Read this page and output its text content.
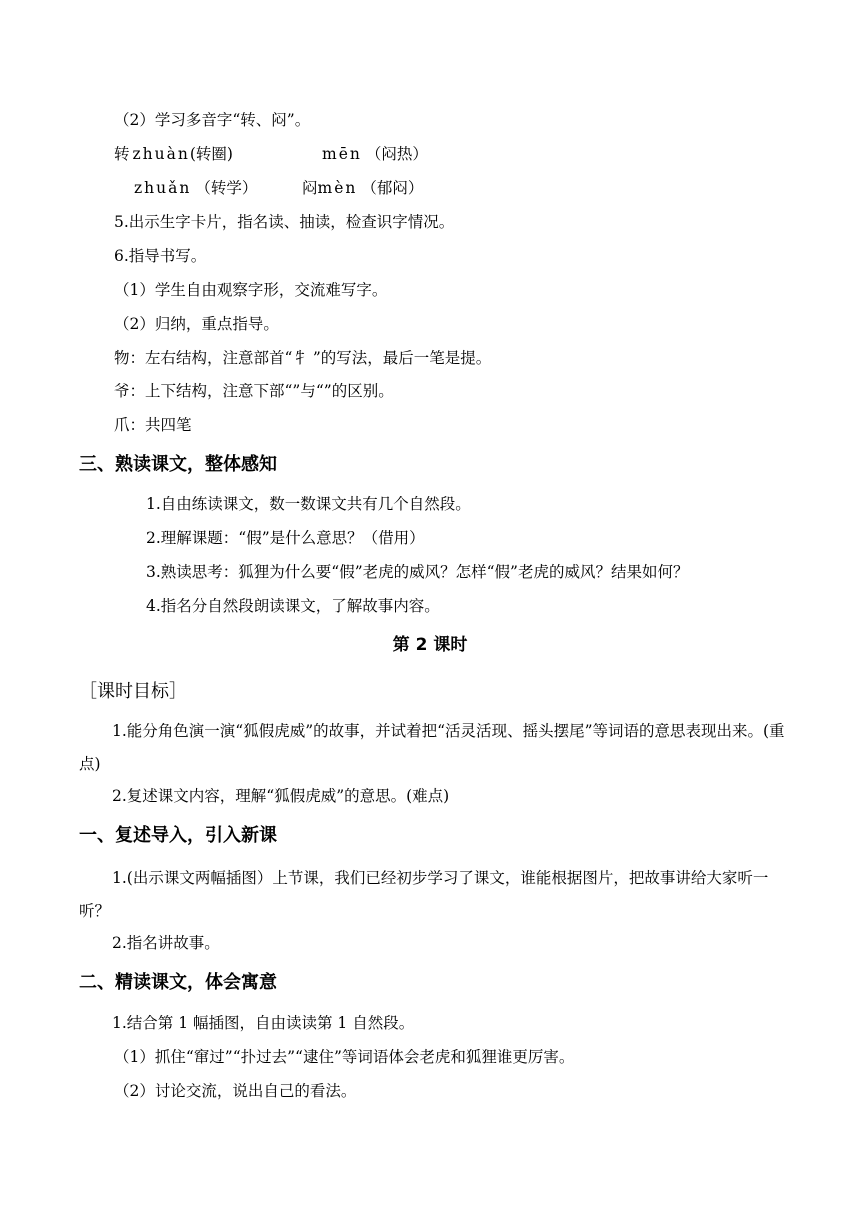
（2）学习多音字“转、闷”。
转 zhuàn(转圈)	mēn （闷热）
zhuǎn （转学）	闷mèn （郁闷）
5.出示生字卡片，指名读、抽读，检查识字情况。
6.指导书写。
（1）学生自由观察字形，交流难写字。
（2）归纳，重点指导。
物：左右结构，注意部首“牜 ”的写法，最后一笔是提。
爷：上下结构，注意下部“”与“”的区别。
爪：共四笔
三、熟读课文，整体感知
1.自由练读课文，数一数课文共有几个自然段。
2.理解课题：“假”是什么意思？（借用）
3.熟读思考：狐狸为什么要“假”老虎的威风？怎样“假”老虎的威风？结果如何？
4.指名分自然段朗读课文，了解故事内容。
第 2 课时
［课时目标］
1.能分角色演一演“狐假虎威”的故事，并试着把“活灵活现、摇头摆尾”等词语的意思表现出来。(重点)
2.复述课文内容，理解“狐假虎威”的意思。(难点)
一、复述导入，引入新课
1.(出示课文两幅插图）上节课，我们已经初步学习了课文，谁能根据图片，把故事讲给大家听一听？
2.指名讲故事。
二、精读课文，体会寓意
1.结合第 1 幅插图，自由读读第 1 自然段。
（1）抓住“窜过”“扑过去”“逮住”等词语体会老虎和狐狸谁更厉害。
（2）讨论交流，说出自己的看法。
